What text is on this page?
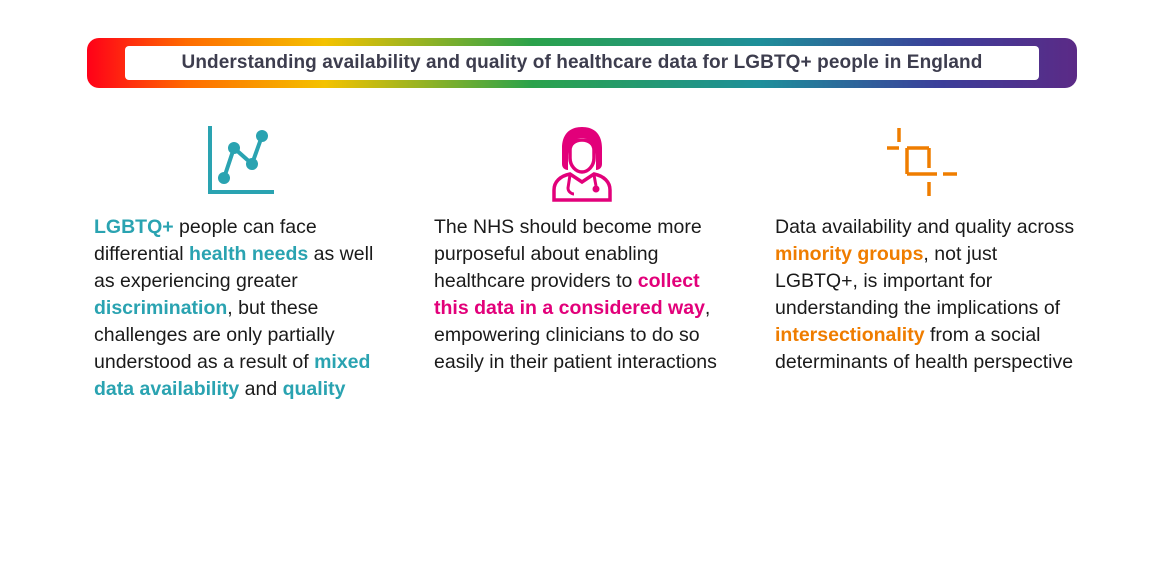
Understanding availability and quality of healthcare data for LGBTQ+ people in England

LGBTQ+ people can face differential health needs as well as experiencing greater discrimination, but these challenges are only partially understood as a result of mixed data availability and quality

The NHS should become more purposeful about enabling healthcare providers to collect this data in a considered way, empowering clinicians to do so easily in their patient interactions

Data availability and quality across minority groups, not just LGBTQ+, is important for understanding the implications of intersectionality from a social determinants of health perspective
